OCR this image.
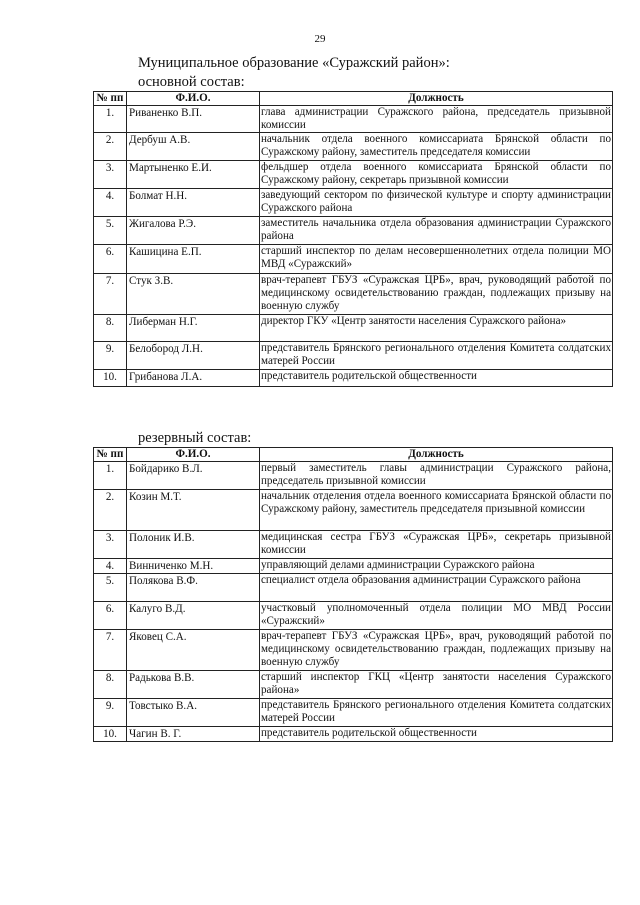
29
Муниципальное образование «Суражский район»:
основной состав:
№ пп	Ф.И.О.	Должность
1.	Риваненко В.П.	глава администрации Суражского района, председатель призывной комиссии
2.	Дербуш А.В.	начальник отдела военного комиссариата Брянской области по Суражскому району, заместитель председателя комиссии
3.	Мартыненко Е.И.	фельдшер отдела военного комиссариата Брянской области по Суражскому району, секретарь призывной комиссии
4.	Болмат Н.Н.	заведующий сектором по физической культуре и спорту администрации Суражского района
5.	Жигалова Р.Э.	заместитель начальника отдела образования администрации Суражского района
6.	Кашицина Е.П.	старший инспектор по делам несовершеннолетних отдела полиции МО МВД «Суражский»
7.	Стук З.В.	врач-терапевт ГБУЗ «Суражская ЦРБ», врач, руководящий работой по медицинскому освидетельствованию граждан, подлежащих призыву на военную службу
8.	Либерман Н.Г.	директор ГКУ «Центр занятости населения Суражского района»
9.	Белобород Л.Н.	представитель Брянского регионального отделения Комитета солдатских матерей России
10.	Грибанова Л.А.	представитель родительской общественности
резервный состав:
№ пп	Ф.И.О.	Должность
1.	Бойдарико В.Л.	первый заместитель главы администрации Суражского района, председатель призывной комиссии
2.	Козин М.Т.	начальник отделения отдела военного комиссариата Брянской области по Суражскому району, заместитель председателя призывной комиссии
3.	Полоник И.В.	медицинская сестра ГБУЗ «Суражская ЦРБ», секретарь призывной комиссии
4.	Винниченко М.Н.	управляющий делами администрации Суражского района
5.	Полякова В.Ф.	специалист отдела образования администрации Суражского района
6.	Калуго В.Д.	участковый уполномоченный отдела полиции МО МВД России «Суражский»
7.	Яковец С.А.	врач-терапевт ГБУЗ «Суражская ЦРБ», врач, руководящий работой по медицинскому освидетельствованию граждан, подлежащих призыву на военную службу
8.	Радькова В.В.	старший инспектор ГКЦ «Центр занятости населения Суражского района»
9.	Товстыко В.А.	представитель Брянского регионального отделения Комитета солдатских матерей России
10.	Чагин В. Г.	представитель родительской общественности
